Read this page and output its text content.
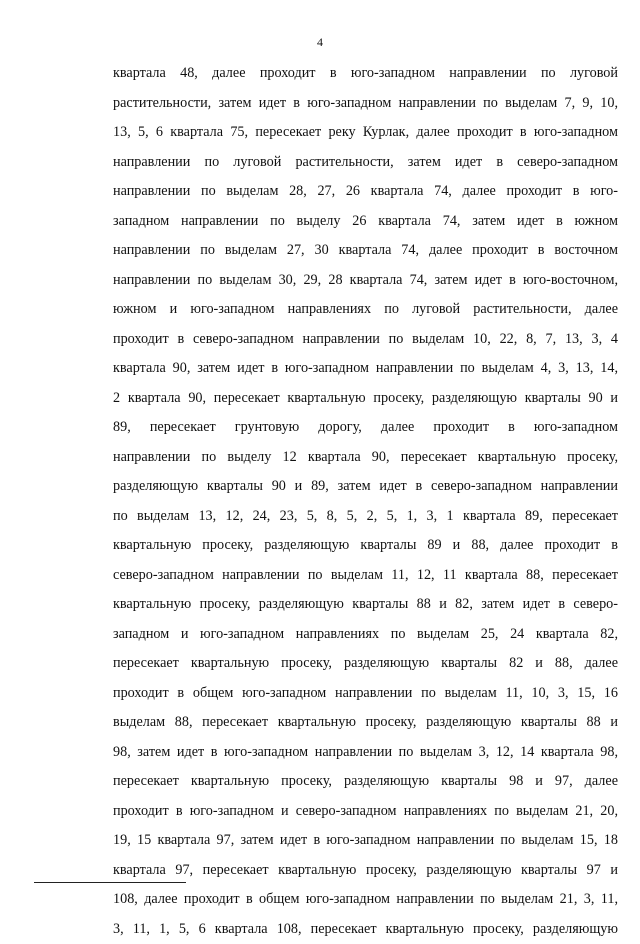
4
квартала 48, далее проходит в юго-западном направлении по луговой
растительности, затем идет в юго-западном направлении по выделам 7, 9, 10,
13, 5, 6 квартала 75, пересекает реку Курлак, далее проходит в юго-западном
направлении по луговой растительности, затем идет в северо-западном
направлении по выделам 28, 27, 26 квартала 74, далее проходит в юго-
западном направлении по выделу 26 квартала 74, затем идет в южном
направлении по выделам 27, 30 квартала 74, далее проходит в восточном
направлении по выделам 30, 29, 28 квартала 74, затем идет в юго-восточном,
южном и юго-западном направлениях по луговой растительности, далее
проходит в северо-западном направлении по выделам 10, 22, 8, 7, 13, 3, 4
квартала 90, затем идет в юго-западном направлении по выделам 4, 3, 13, 14,
2 квартала 90, пересекает квартальную просеку, разделяющую кварталы 90 и
89, пересекает грунтовую дорогу, далее проходит в юго-западном
направлении по выделу 12 квартала 90, пересекает квартальную просеку,
разделяющую кварталы 90 и 89, затем идет в северо-западном направлении
по выделам 13, 12, 24, 23, 5, 8, 5, 2, 5, 1, 3, 1 квартала 89, пересекает
квартальную просеку, разделяющую кварталы 89 и 88, далее проходит в
северо-западном направлении по выделам 11, 12, 11 квартала 88, пересекает
квартальную просеку, разделяющую кварталы 88 и 82, затем идет в северо-
западном и юго-западном направлениях по выделам 25, 24 квартала 82,
пересекает квартальную просеку, разделяющую кварталы 82 и 88, далее
проходит в общем юго-западном направлении по выделам 11, 10, 3, 15, 16
выделам 88, пересекает квартальную просеку, разделяющую кварталы 88 и
98, затем идет в юго-западном направлении по выделам 3, 12, 14 квартала 98,
пересекает квартальную просеку, разделяющую кварталы 98 и 97, далее
проходит в юго-западном и северо-западном направлениях по выделам 21, 20,
19, 15 квартала 97, затем идет в юго-западном направлении по выделам 15, 18
квартала 97, пересекает квартальную просеку, разделяющую кварталы 97 и
108, далее проходит в общем юго-западном направлении по выделам 21, 3, 11,
3, 11, 1, 5, 6 квартала 108, пересекает квартальную просеку, разделяющую
